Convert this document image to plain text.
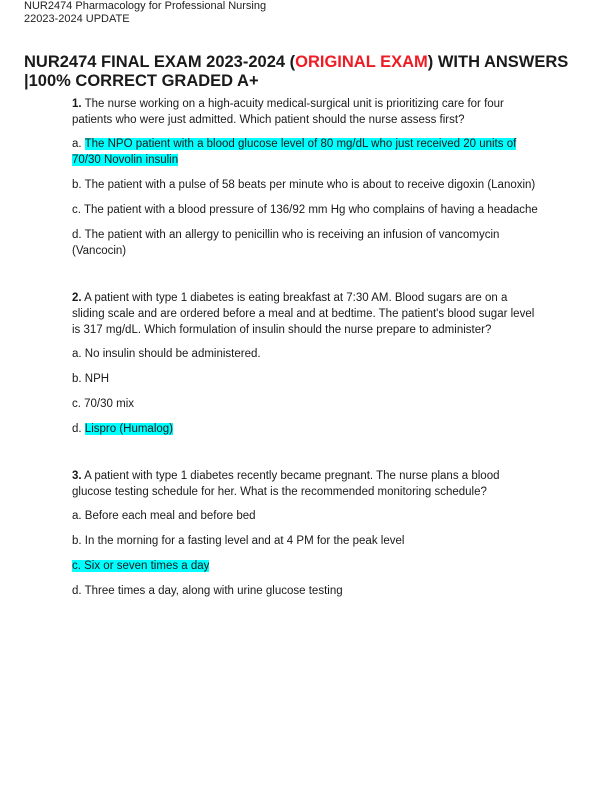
NUR2474 Pharmacology for Professional Nursing
22023-2024 UPDATE
NUR2474 FINAL EXAM 2023-2024 (ORIGINAL EXAM) WITH ANSWERS |100% CORRECT GRADED A+

1. The nurse working on a high-acuity medical-surgical unit is prioritizing care for four patients who were just admitted. Which patient should the nurse assess first?

a. The NPO patient with a blood glucose level of 80 mg/dL who just received 20 units of 70/30 Novolin insulin

b. The patient with a pulse of 58 beats per minute who is about to receive digoxin (Lanoxin)

c. The patient with a blood pressure of 136/92 mm Hg who complains of having a headache

d. The patient with an allergy to penicillin who is receiving an infusion of vancomycin (Vancocin)

2. A patient with type 1 diabetes is eating breakfast at 7:30 AM. Blood sugars are on a sliding scale and are ordered before a meal and at bedtime. The patient's blood sugar level is 317 mg/dL. Which formulation of insulin should the nurse prepare to administer?

a. No insulin should be administered.

b. NPH

c. 70/30 mix

d. Lispro (Humalog)

3. A patient with type 1 diabetes recently became pregnant. The nurse plans a blood glucose testing schedule for her. What is the recommended monitoring schedule?

a. Before each meal and before bed

b. In the morning for a fasting level and at 4 PM for the peak level

c. Six or seven times a day

d. Three times a day, along with urine glucose testing
